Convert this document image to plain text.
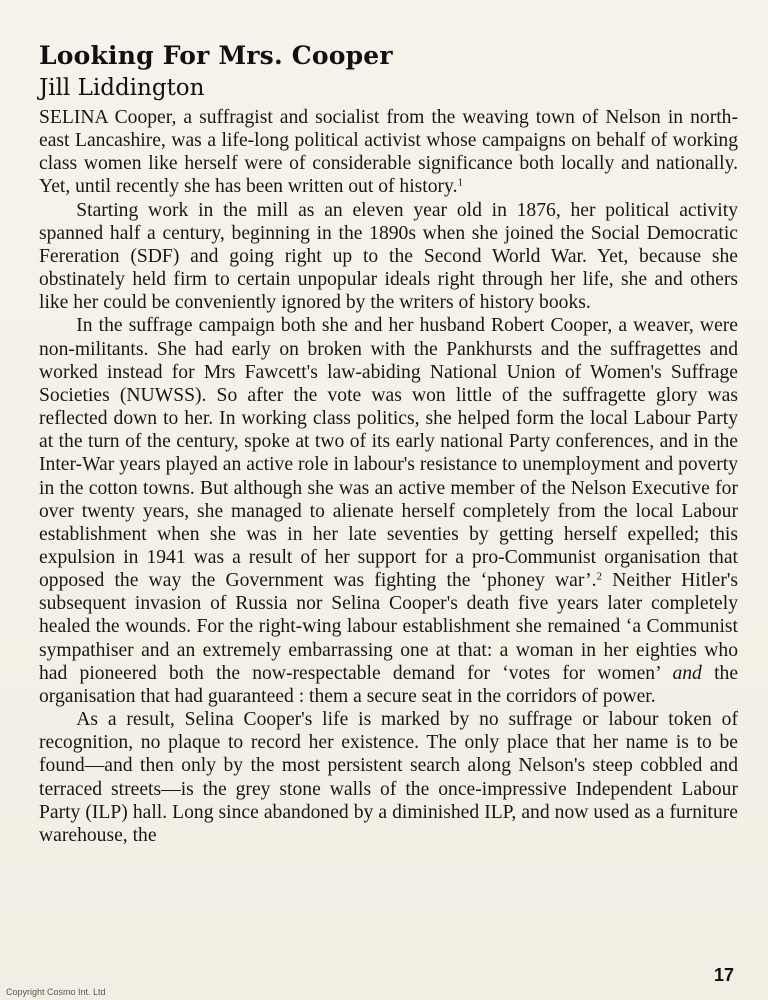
Looking For Mrs. Cooper
Jill Liddington

SELINA Cooper, a suffragist and socialist from the weaving town of Nelson in north-east Lancashire, was a life-long political activist whose campaigns on behalf of working class women like herself were of considerable significance both locally and nationally. Yet, until recently she has been written out of history.$^1$

Starting work in the mill as an eleven year old in 1876, her political activity spanned half a century, beginning in the 1890s when she joined the Social Democratic Fereration (SDF) and going right up to the Second World War. Yet, because she obstinately held firm to certain unpopular ideals right through her life, she and others like her could be conveniently ignored by the writers of history books.

In the suffrage campaign both she and her husband Robert Cooper, a weaver, were non-militants. She had early on broken with the Pankhursts and the suffragettes and worked instead for Mrs Fawcett's law-abiding National Union of Women's Suffrage Societies (NUWSS). So after the vote was won little of the suffragette glory was reflected down to her. In working class politics, she helped form the local Labour Party at the turn of the century, spoke at two of its early national Party conferences, and in the Inter-War years played an active role in labour's resistance to unemployment and poverty in the cotton towns. But although she was an active member of the Nelson Executive for over twenty years, she managed to alienate herself completely from the local Labour establishment when she was in her late seventies by getting herself expelled; this expulsion in 1941 was a result of her support for a pro-Communist organisation that opposed the way the Government was fighting the ‘phoney war’.$^2$ Neither Hitler's subsequent invasion of Russia nor Selina Cooper's death five years later completely healed the wounds. For the right-wing labour establishment she remained ‘a Communist sympathiser and an extremely embarrassing one at that: a woman in her eighties who had pioneered both the now-respectable demand for ‘votes for women’ and the organisation that had guaranteed : them a secure seat in the corridors of power.

As a result, Selina Cooper's life is marked by no suffrage or labour token of recognition, no plaque to record her existence. The only place that her name is to be found—and then only by the most persistent search along Nelson's steep cobbled and terraced streets—is the grey stone walls of the once-impressive Independent Labour Party (ILP) hall. Long since abandoned by a diminished ILP, and now used as a furniture warehouse, the

17
Copyright Cosmo Int. Ltd
